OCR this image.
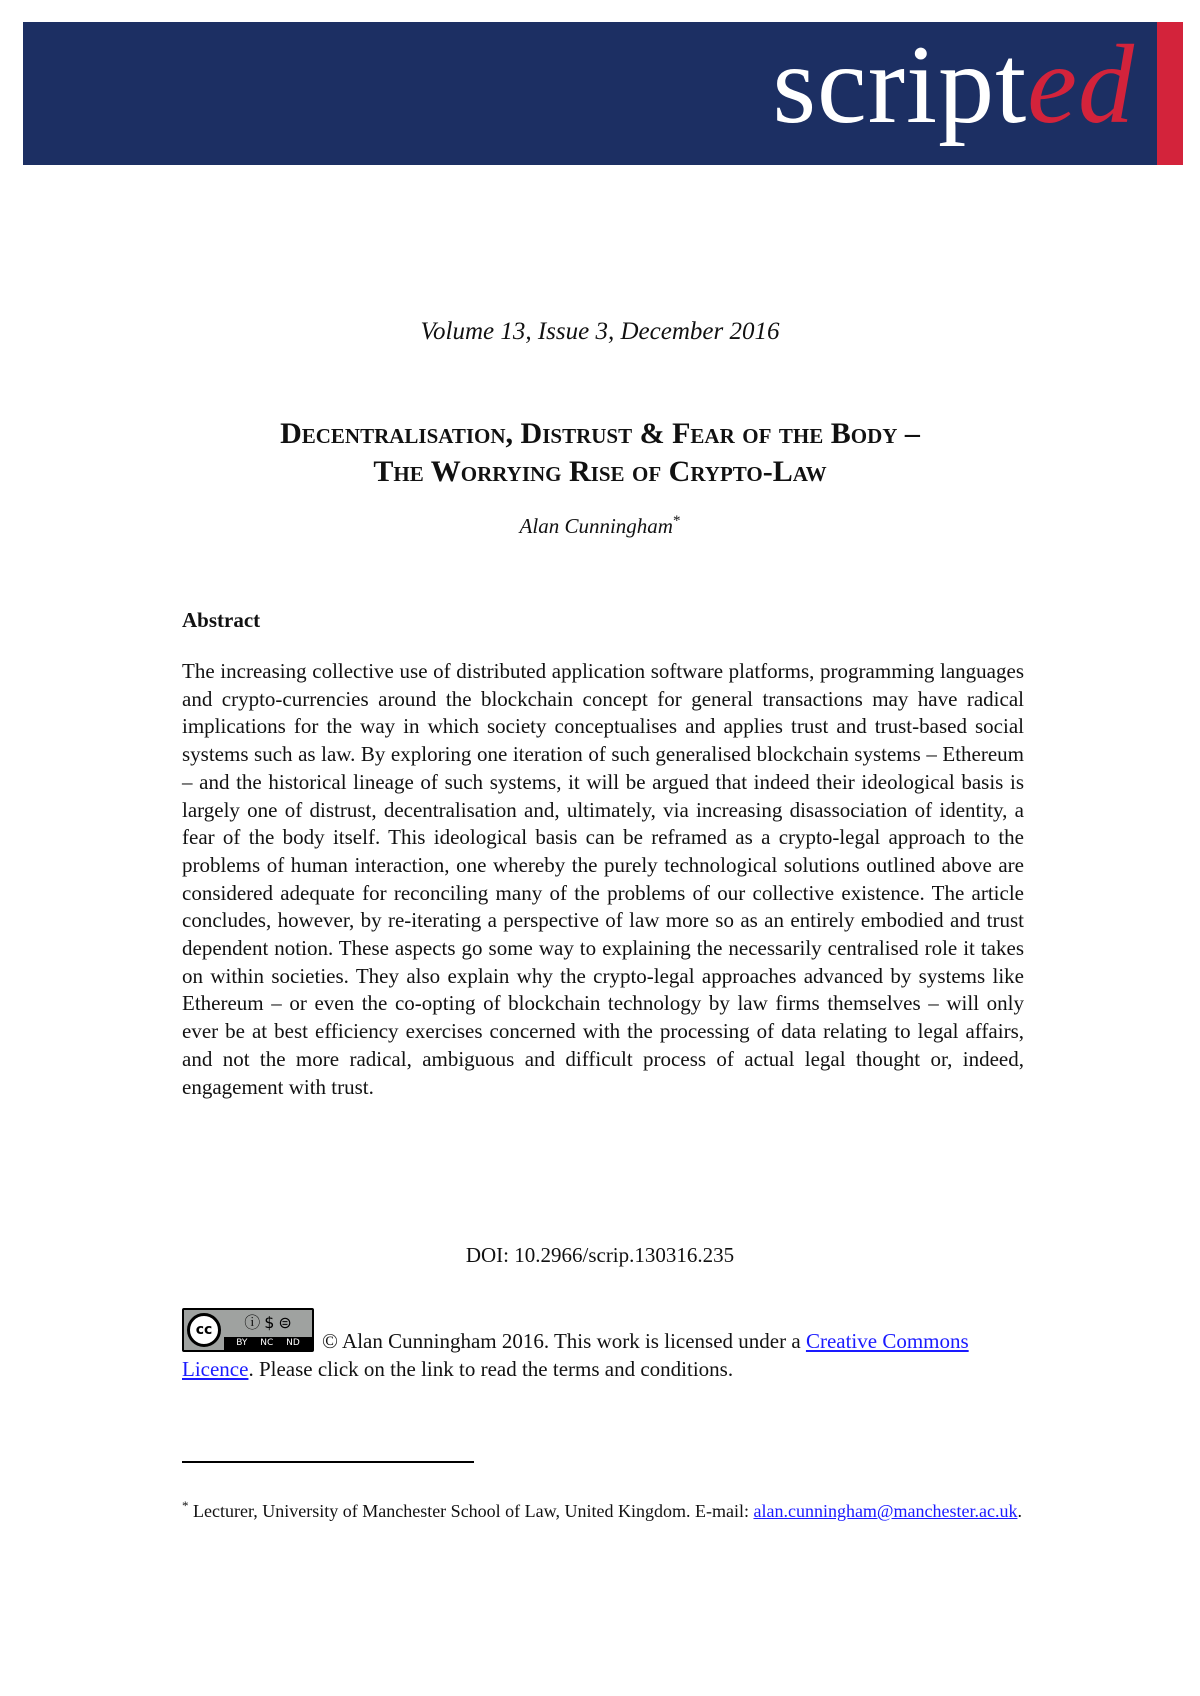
scripted
Volume 13, Issue 3, December 2016
Decentralisation, Distrust & Fear of the Body –
The Worrying Rise of Crypto-Law
Alan Cunningham*
Abstract
The increasing collective use of distributed application software platforms, programming languages and crypto-currencies around the blockchain concept for general transactions may have radical implications for the way in which society conceptualises and applies trust and trust-based social systems such as law. By exploring one iteration of such generalised blockchain systems – Ethereum – and the historical lineage of such systems, it will be argued that indeed their ideological basis is largely one of distrust, decentralisation and, ultimately, via increasing disassociation of identity, a fear of the body itself. This ideological basis can be reframed as a crypto-legal approach to the problems of human interaction, one whereby the purely technological solutions outlined above are considered adequate for reconciling many of the problems of our collective existence. The article concludes, however, by re-iterating a perspective of law more so as an entirely embodied and trust dependent notion. These aspects go some way to explaining the necessarily centralised role it takes on within societies. They also explain why the crypto-legal approaches advanced by systems like Ethereum – or even the co-opting of blockchain technology by law firms themselves – will only ever be at best efficiency exercises concerned with the processing of data relating to legal affairs, and not the more radical, ambiguous and difficult process of actual legal thought or, indeed, engagement with trust.
DOI: 10.2966/scrip.130316.235
cc	ⓘ$⊜
BY NC ND	© Alan Cunningham 2016. This work is licensed under a Creative Commons Licence. Please click on the link to read the terms and conditions.
* Lecturer, University of Manchester School of Law, United Kingdom. E-mail: alan.cunningham@manchester.ac.uk.
